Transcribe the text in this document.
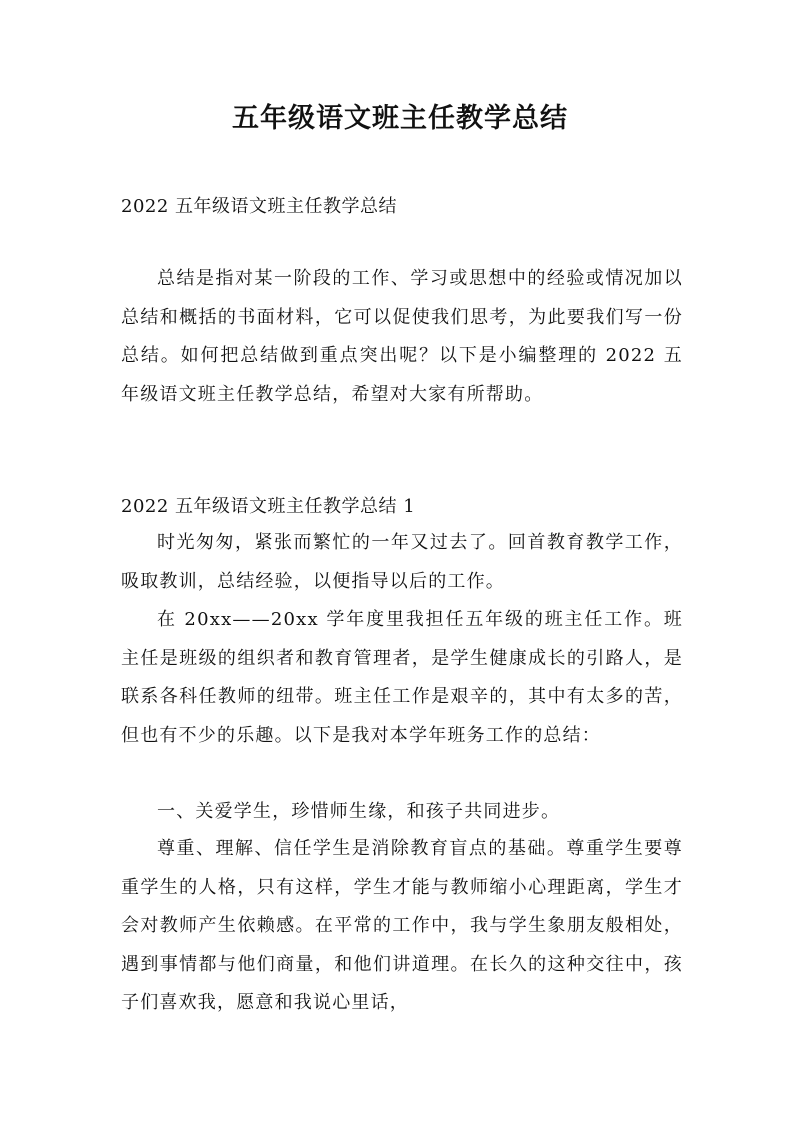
五年级语文班主任教学总结
2022 五年级语文班主任教学总结

总结是指对某一阶段的工作、学习或思想中的经验或情况加以总结和概括的书面材料，它可以促使我们思考，为此要我们写一份总结。如何把总结做到重点突出呢？以下是小编整理的 2022 五年级语文班主任教学总结，希望对大家有所帮助。

2022 五年级语文班主任教学总结 1

时光匆匆，紧张而繁忙的一年又过去了。回首教育教学工作，吸取教训，总结经验，以便指导以后的工作。

在 20xx——20xx 学年度里我担任五年级的班主任工作。班主任是班级的组织者和教育管理者，是学生健康成长的引路人，是联系各科任教师的纽带。班主任工作是艰辛的，其中有太多的苦，但也有不少的乐趣。以下是我对本学年班务工作的总结：

一、关爱学生，珍惜师生缘，和孩子共同进步。

尊重、理解、信任学生是消除教育盲点的基础。尊重学生要尊重学生的人格，只有这样，学生才能与教师缩小心理距离，学生才会对教师产生依赖感。在平常的工作中，我与学生象朋友般相处，遇到事情都与他们商量，和他们讲道理。在长久的这种交往中，孩子们喜欢我，愿意和我说心里话，
